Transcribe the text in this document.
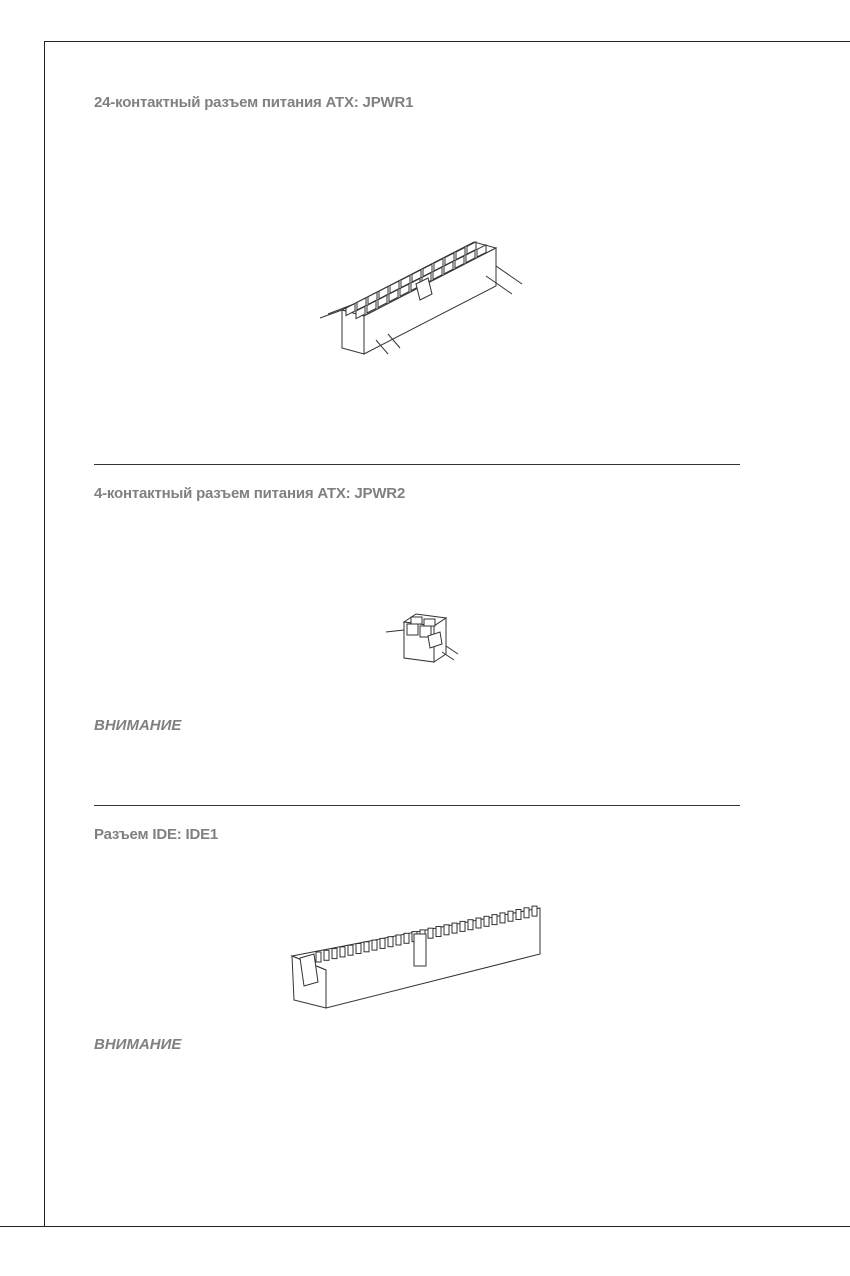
24-контактный разъем питания ATX: JPWR1
4-контактный разъем питания ATX: JPWR2

ВНИМАНИЕ

Разъем IDE: IDE1

ВНИМАНИЕ
